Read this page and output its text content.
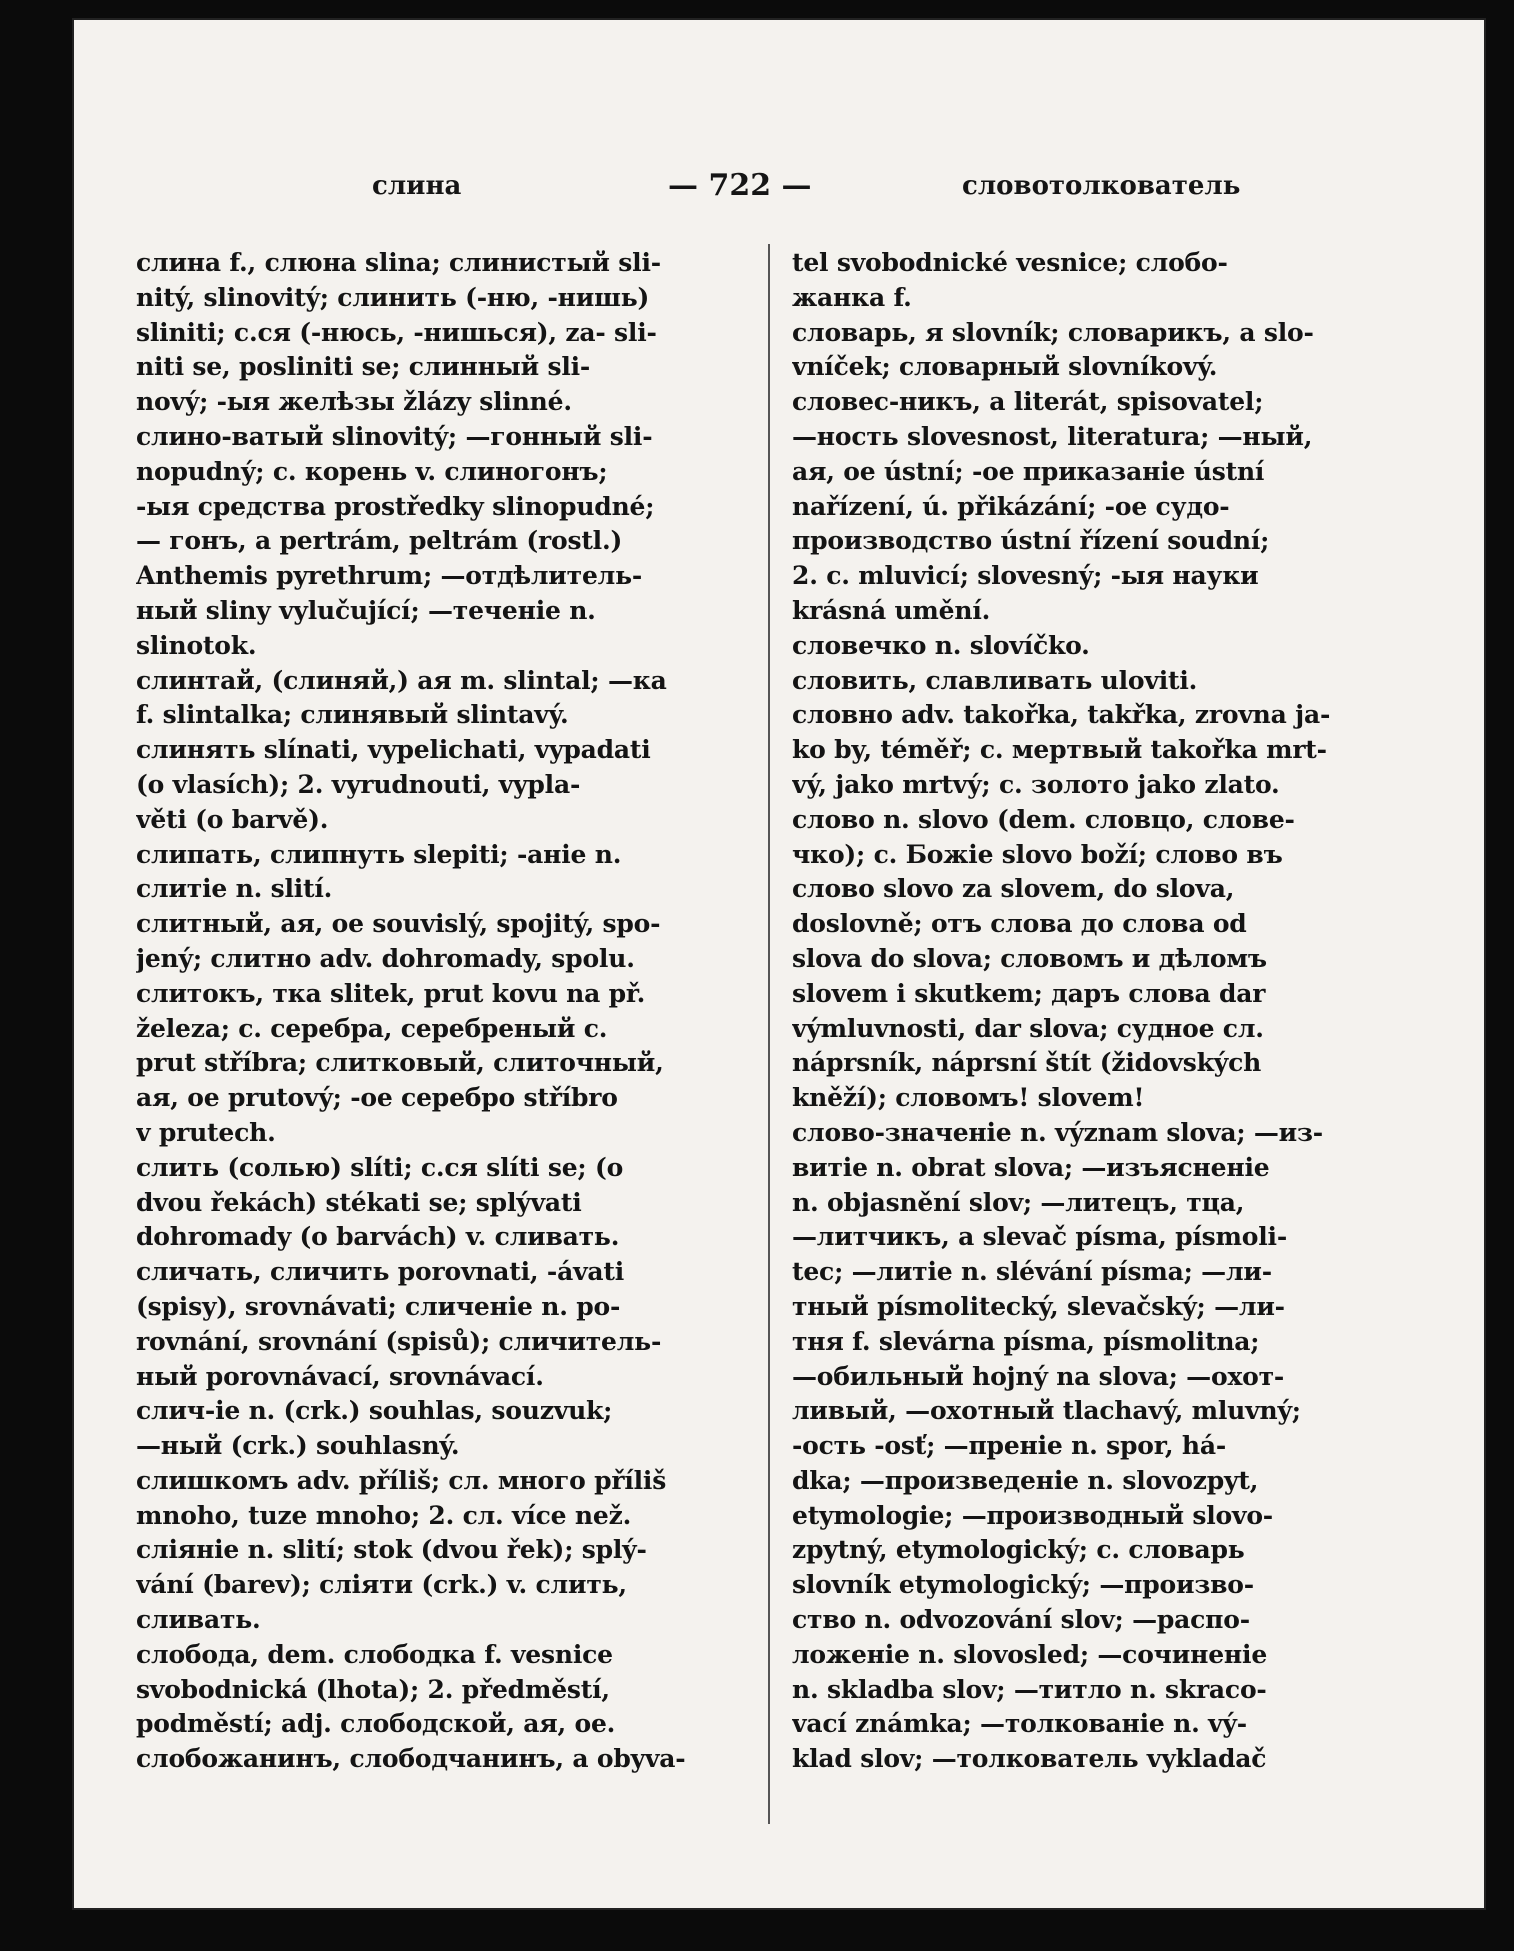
слина	— 722 —	словотолкователь
слина f., слюна slina; слинистый sli-
nitý, slinovitý; слинить (-ню, -нишь)
sliniti; с.ся (-нюсь, -нишься), za- sli-
niti se, posliniti se; слинный sli-
nový; -ыя желѣзы žlázy slinné.
слино-ватый slinovitý; —гонный sli-
nopudný; c. корень v. слиногонъ;
-ыя средства prostředky slinopudné;
— гонъ, a pertrám, peltrám (rostl.)
Anthemis pyrethrum; —отдѣлитель-
ный sliny vylučující; —теченіе n.
slinotok.
слинтай, (слиняй,) ая m. slintal; —ка
f. slintalka; слинявый slintavý.
слинять slínati, vypelichati, vypadati
(o vlasích); 2. vyrudnouti, vypla-
věti (o barvě).
слипать, слипнуть slepiti; -аніе n.
слитіе n. slití.
слитный, ая, ое souvislý, spojitý, spo-
jený; слитно adv. dohromady, spolu.
слитокъ, тка slitek, prut kovu na př.
železa; c. серебра, серебреный c.
prut stříbra; слитковый, слиточный,
ая, ое prutový; -ое серебро stříbro
v prutech.
слить (солью) slíti; с.ся slíti se; (o
dvou řekách) stékati se; splývati
dohromady (o barvách) v. сливать.
сличать, сличить porovnati, -ávati
(spisy), srovnávati; сличеніе n. po-
rovnání, srovnání (spisů); сличитель-
ный porovnávací, srovnávací.
слич-іе n. (crk.) souhlas, souzvuk;
—ный (crk.) souhlasný.
слишкомъ adv. příliš; сл. много příliš
mnoho, tuze mnoho; 2. сл. více než.
сліяніе n. slití; stok (dvou řek); splý-
vání (barev); сліяти (crk.) v. слить,
сливать.
слобода, dem. слободка f. vesnice
svobodnická (lhota); 2. předměstí,
podměstí; adj. слободской, ая, ое.
слобожанинъ, слободчанинъ, a obyva-
tel svobodnické vesnice; слобо-
жанка f.
словарь, я slovník; словарикъ, a slo-
vníček; словарный slovníkový.
словес-никъ, a literát, spisovatel;
—ность slovesnost, literatura; —ный,
ая, ое ústní; -ое приказаніе ústní
nařízení, ú. přikázání; -ое судо-
производство ústní řízení soudní;
2. c. mluvicí; slovesný; -ыя науки
krásná umění.
словечко n. slovíčko.
словить, славливать uloviti.
словно adv. takořka, takřka, zrovna ja-
ko by, téměř; с. мертвый takořka mrt-
vý, jako mrtvý; c. золото jako zlato.
слово n. slovo (dem. словцо, слове-
чко); c. Божіе slovo boží; слово въ
слово slovo za slovem, do slova,
doslovně; отъ слова до слова od
slova do slova; словомъ и дѣломъ
slovem i skutkem; даръ слова dar
výmluvnosti, dar slova; судное сл.
náprsník, náprsní štít (židovských
kněží); словомъ! slovem!
слово-значеніе n. význam slova; —из-
витіе n. obrat slova; —изъясненіе
n. objasnění slov; —литецъ, тца,
—литчикъ, a slevač písma, písmoli-
tec; —литіе n. slévání písma; —ли-
тный písmolitecký, slevačský; —ли-
тня f. slevárna písma, písmolitna;
—обильный hojný na slova; —охот-
ливый, —охотный tlachavý, mluvný;
-ость -osť; —преніе n. spor, há-
dka; —произведеніе n. slovozpyt,
etymologie; —производный slovo-
zpytný, etymologický; c. словарь
slovník etymologický; —произво-
ство n. odvozování slov; —распо-
ложеніе n. slovosled; —сочиненіе
n. skladba slov; —титло n. skraco-
vací známka; —толкованіе n. vý-
klad slov; —толкователь vykladač
